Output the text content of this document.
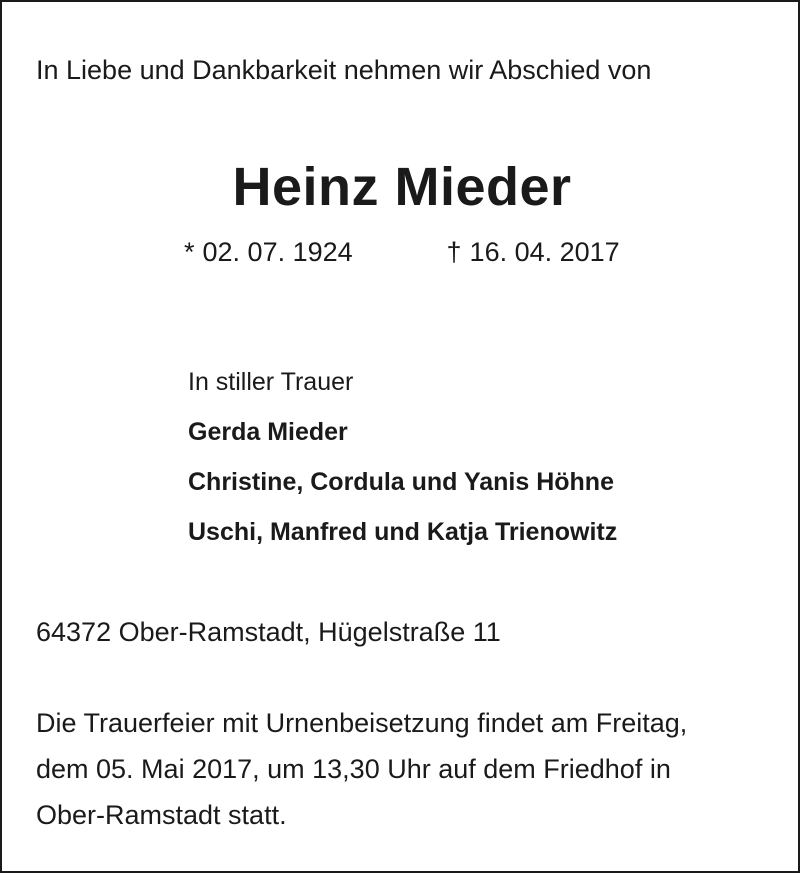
In Liebe und Dankbarkeit nehmen wir Abschied von
Heinz Mieder
* 02. 07. 1924	† 16. 04. 2017
In stiller Trauer
Gerda Mieder
Christine, Cordula und Yanis Höhne
Uschi, Manfred und Katja Trienowitz
64372 Ober-Ramstadt, Hügelstraße 11
Die Trauerfeier mit Urnenbeisetzung findet am Freitag,
dem 05. Mai 2017, um 13,30 Uhr auf dem Friedhof in
Ober-Ramstadt statt.
